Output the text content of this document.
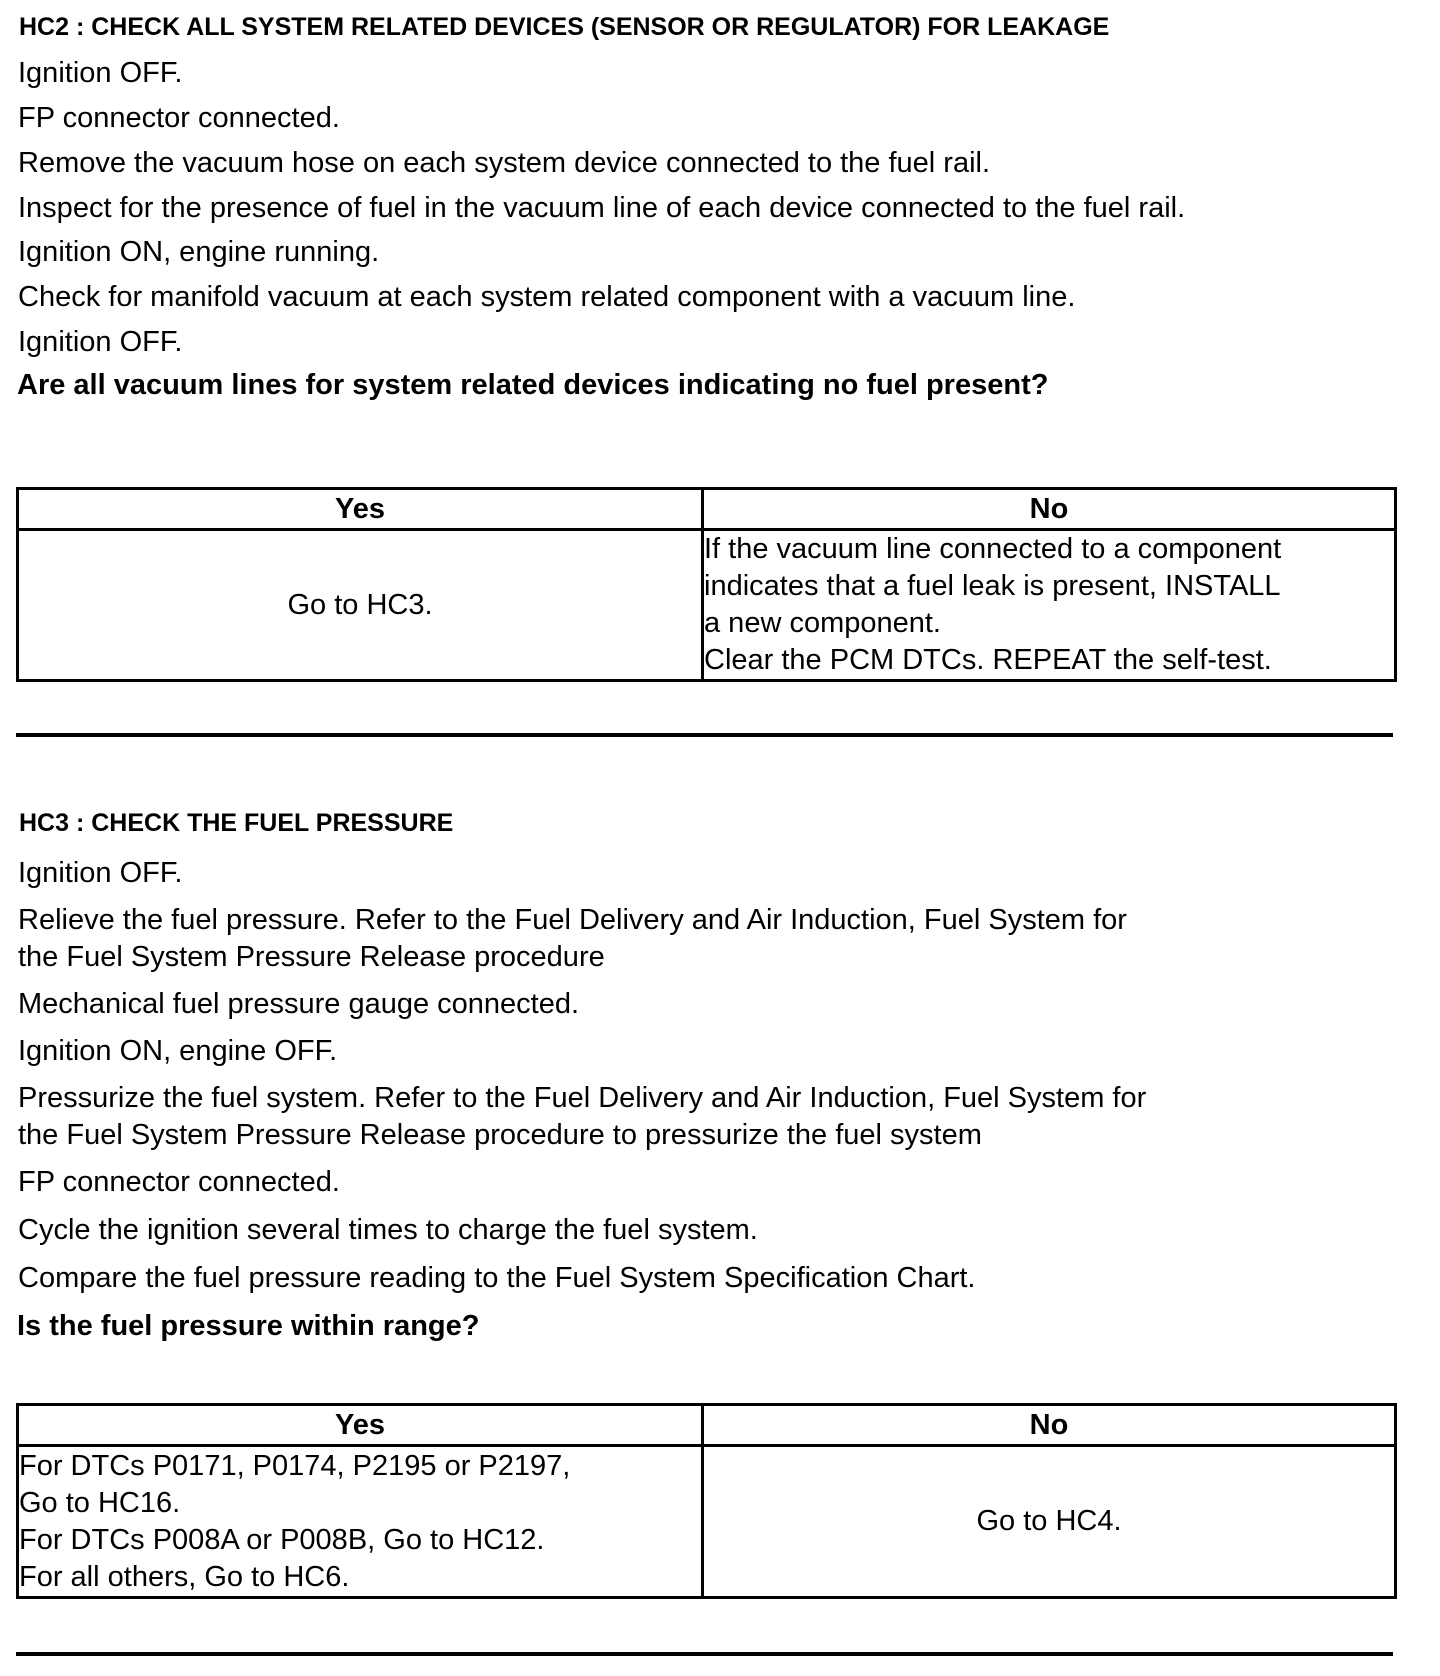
HC2 : CHECK ALL SYSTEM RELATED DEVICES (SENSOR OR REGULATOR) FOR LEAKAGE
Ignition OFF.
FP connector connected.
Remove the vacuum hose on each system device connected to the fuel rail.
Inspect for the presence of fuel in the vacuum line of each device connected to the fuel rail.
Ignition ON, engine running.
Check for manifold vacuum at each system related component with a vacuum line.
Ignition OFF.
Are all vacuum lines for system related devices indicating no fuel present?
Yes	No
Go to HC3.	If the vacuum line connected to a component
indicates that a fuel leak is present, INSTALL
a new component.
Clear the PCM DTCs. REPEAT the self-test.
HC3 : CHECK THE FUEL PRESSURE
Ignition OFF.
Relieve the fuel pressure. Refer to the Fuel Delivery and Air Induction, Fuel System for
the Fuel System Pressure Release procedure
Mechanical fuel pressure gauge connected.
Ignition ON, engine OFF.
Pressurize the fuel system. Refer to the Fuel Delivery and Air Induction, Fuel System for
the Fuel System Pressure Release procedure to pressurize the fuel system
FP connector connected.
Cycle the ignition several times to charge the fuel system.
Compare the fuel pressure reading to the Fuel System Specification Chart.
Is the fuel pressure within range?
Yes	No

For DTCs P0171, P0174, P2195 or P2197,
Go to HC16.
For DTCs P008A or P008B, Go to HC12.
For all others, Go to HC6.	Go to HC4.
